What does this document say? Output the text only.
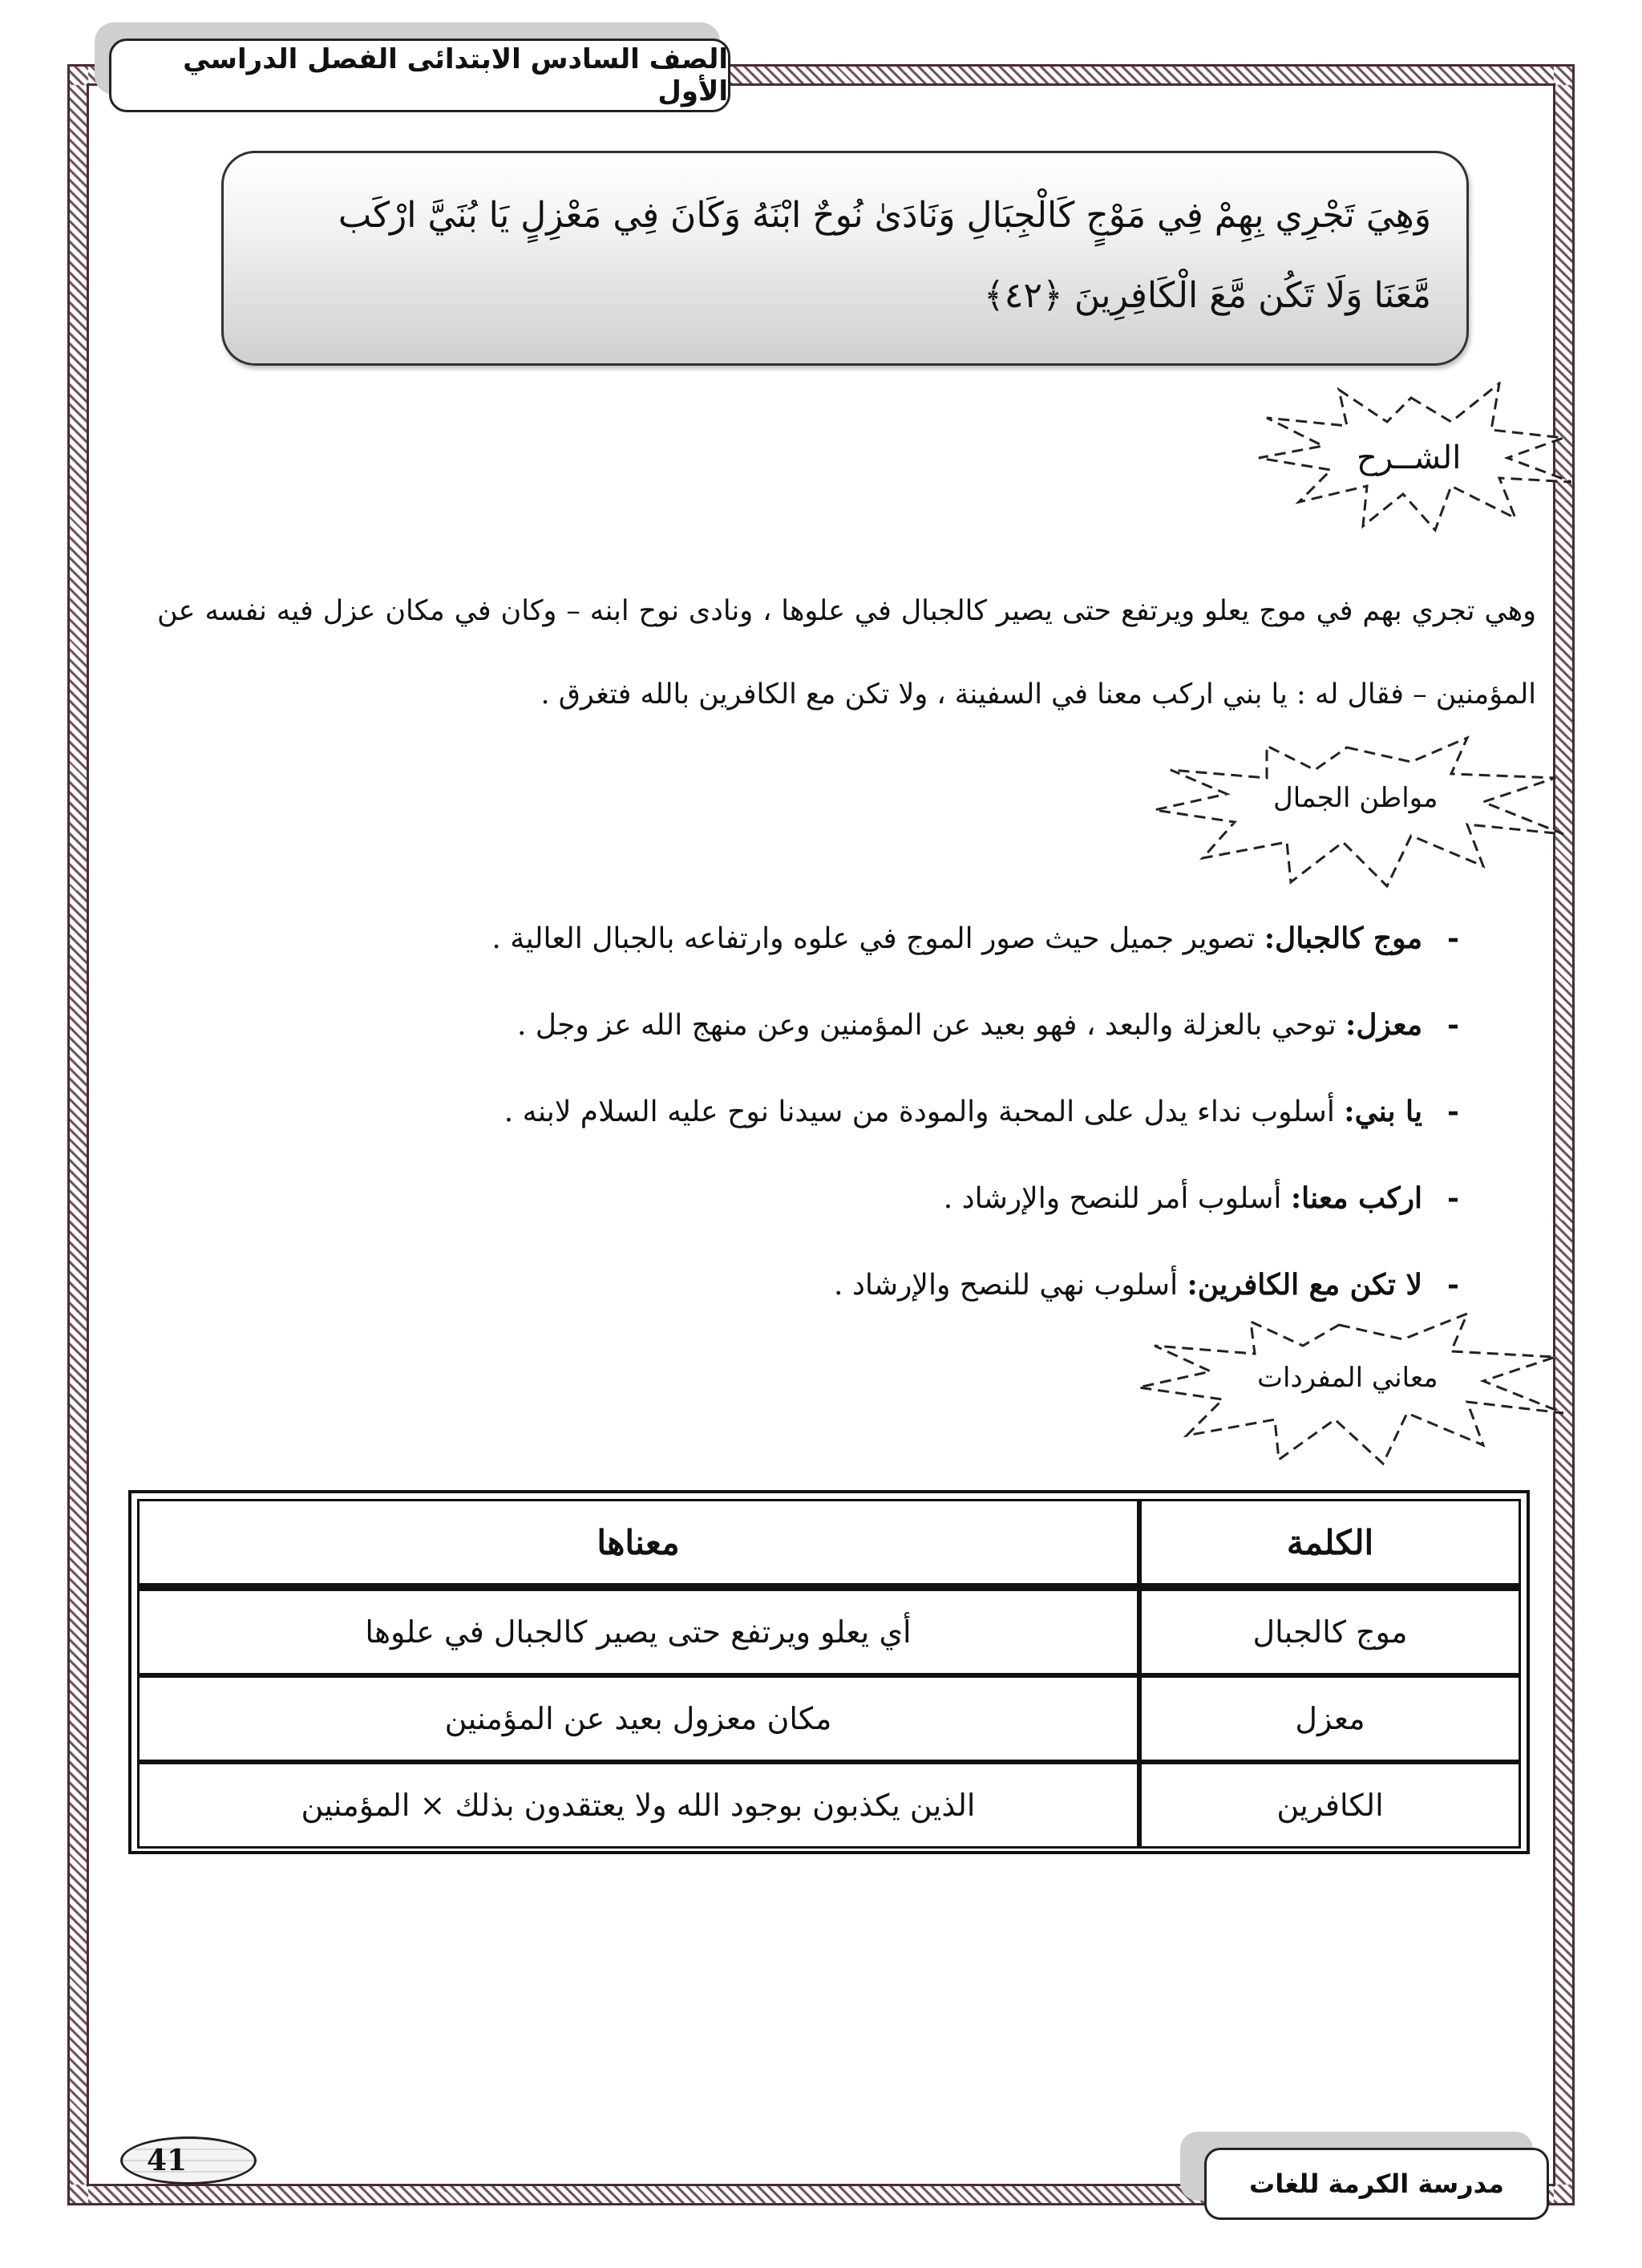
الصف السادس الابتدائى الفصل الدراسي الأول
وَهِيَ تَجْرِي بِهِمْ فِي مَوْجٍ كَالْجِبَالِ وَنَادَىٰ نُوحٌ ابْنَهُ وَكَانَ فِي مَعْزِلٍ يَا بُنَيَّ ارْكَب
مَّعَنَا وَلَا تَكُن مَّعَ الْكَافِرِينَ ﴿٤٢﴾
الشــرح
وهي تجري بهم في موج يعلو ويرتفع حتى يصير كالجبال في علوها ، ونادى نوح ابنه – وكان في مكان عزل فيه نفسه عن المؤمنين – فقال له : يا بني اركب معنا في السفينة ، ولا تكن مع الكافرين بالله فتغرق .
مواطن الجمال
-موج كالجبال: تصوير جميل حيث صور الموج في علوه وارتفاعه بالجبال العالية .
-معزل: توحي بالعزلة والبعد ، فهو بعيد عن المؤمنين وعن منهج الله عز وجل .
-يا بني: أسلوب نداء يدل على المحبة والمودة من سيدنا نوح عليه السلام لابنه .
-اركب معنا: أسلوب أمر للنصح والإرشاد .
-لا تكن مع الكافرين: أسلوب نهي للنصح والإرشاد .
معاني المفردات
الكلمة	معناها
موج كالجبال	أي يعلو ويرتفع حتى يصير كالجبال في علوها
معزل	مكان معزول بعيد عن المؤمنين
الكافرين	الذين يكذبون بوجود الله ولا يعتقدون بذلك × المؤمنين
41
مدرسة الكرمة للغات
